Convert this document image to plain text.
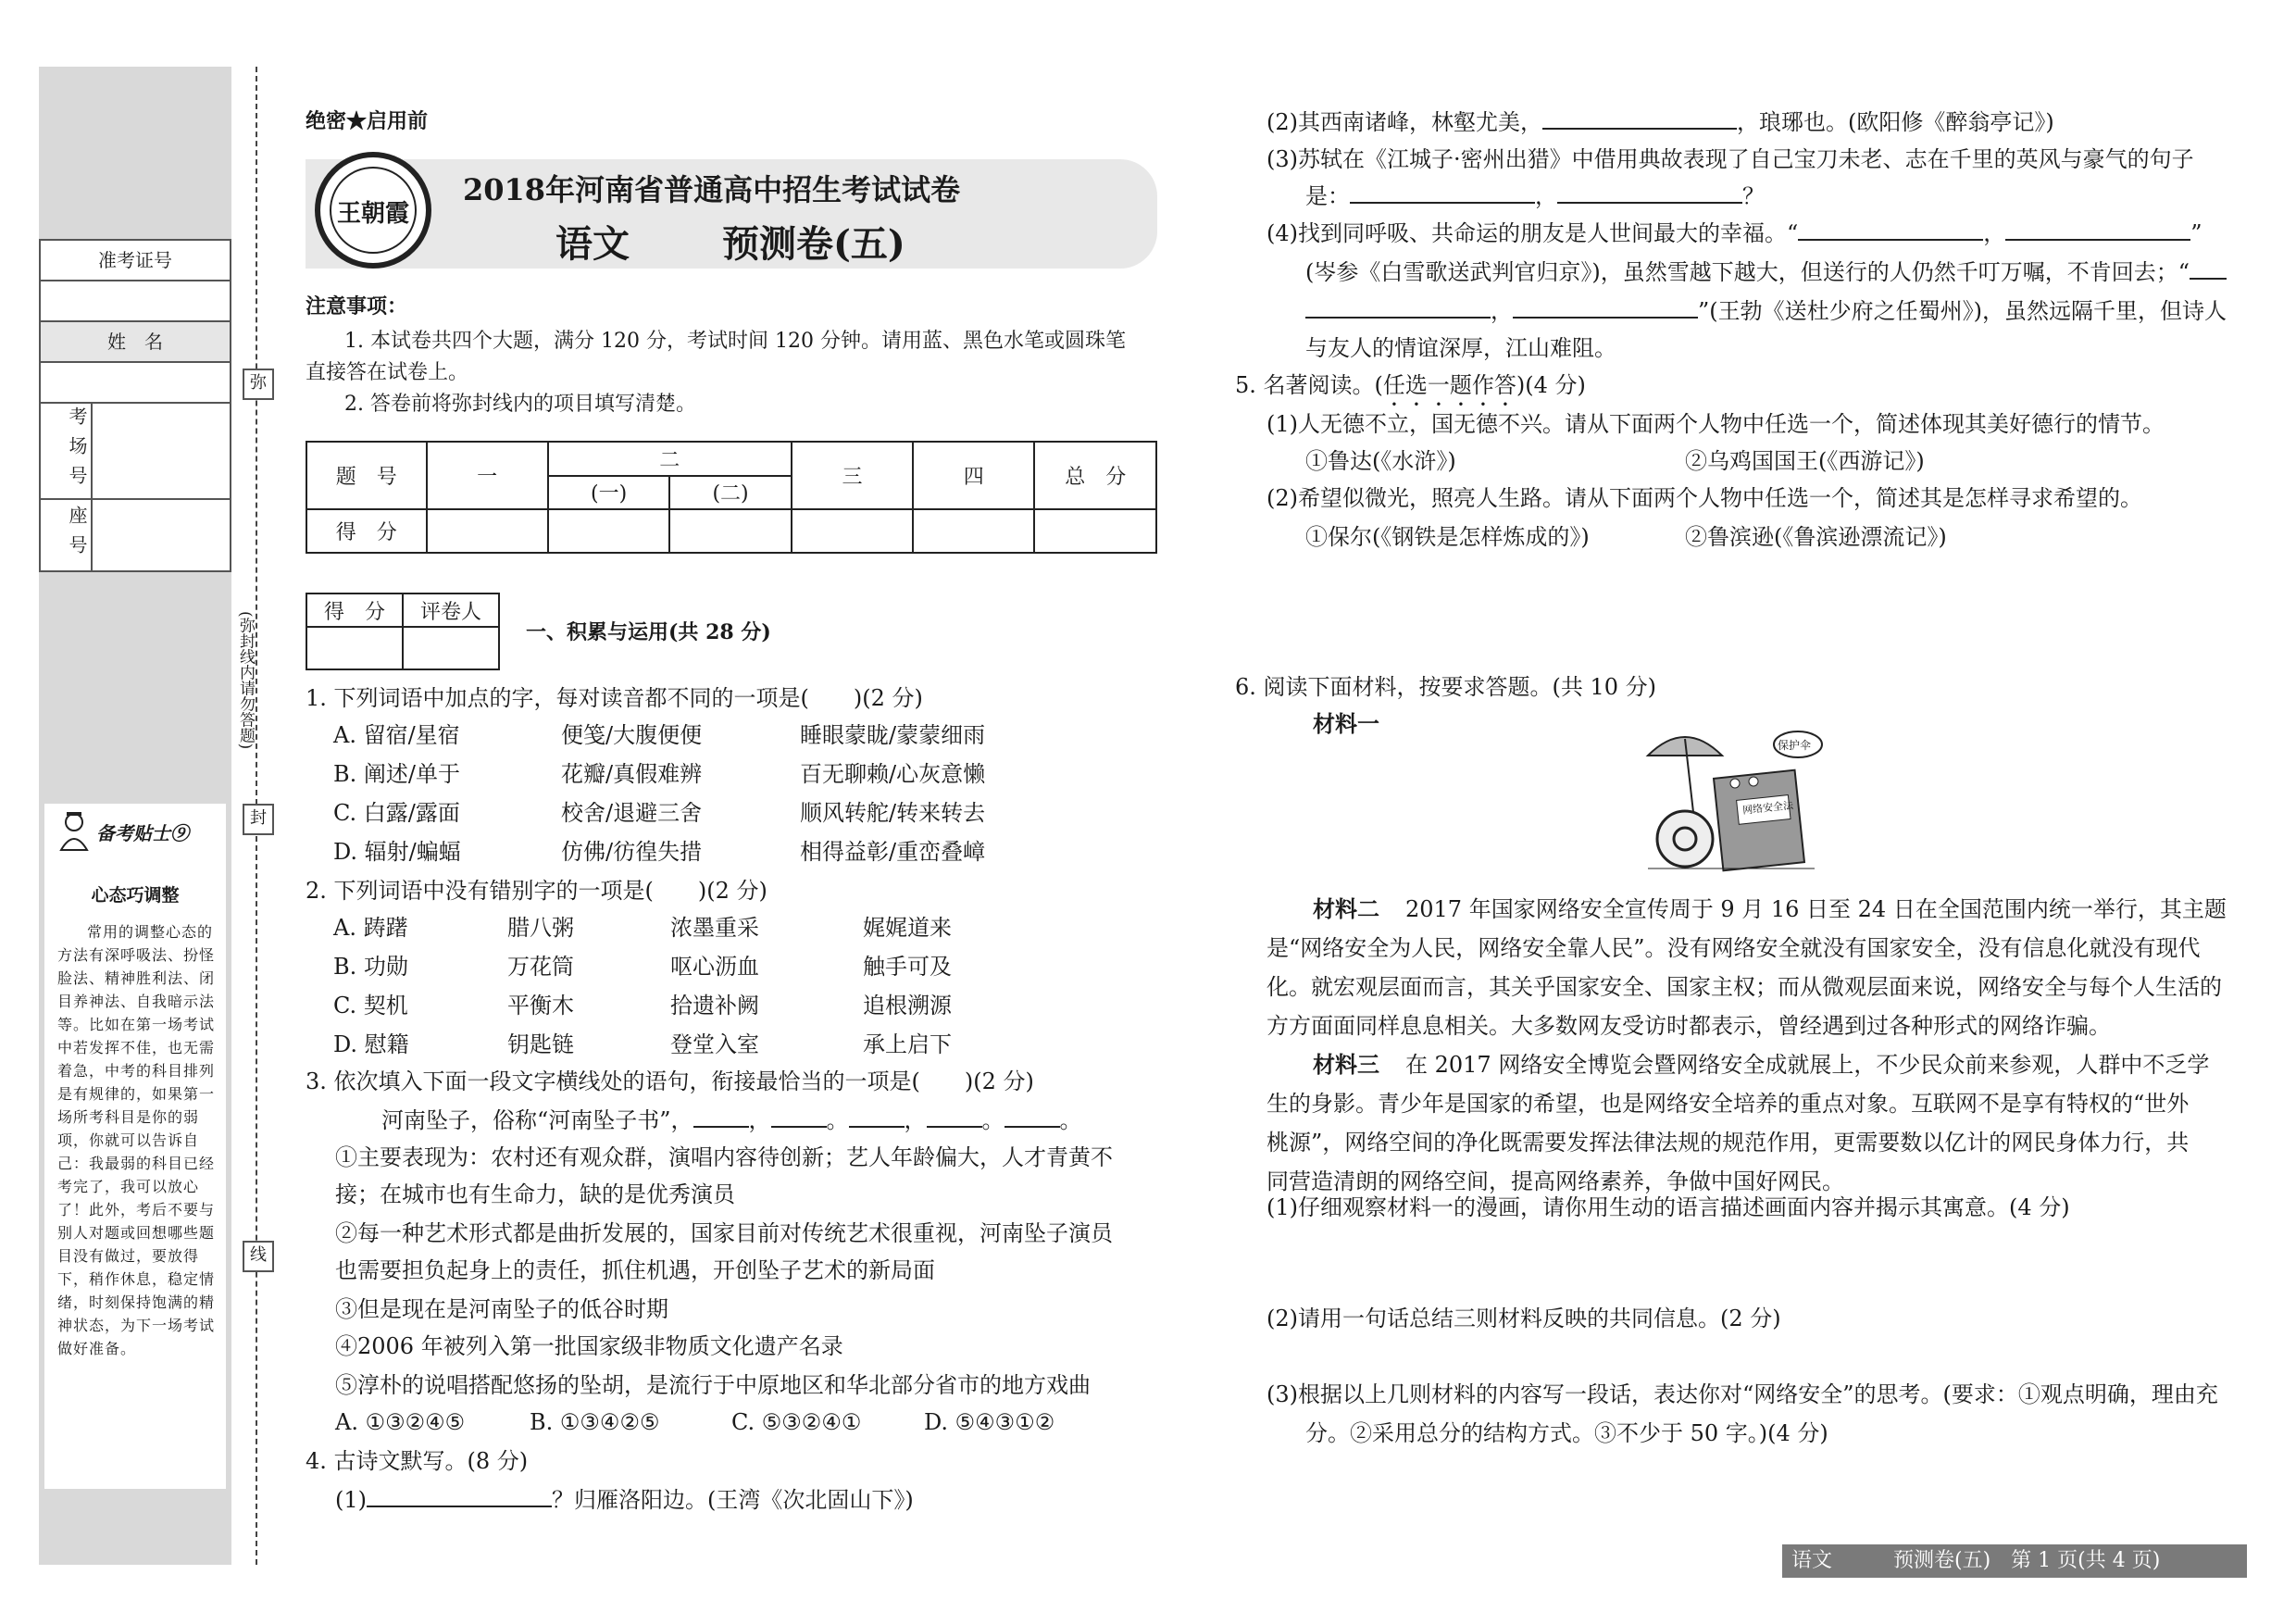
准考证号
姓　名
考场号
座号
备考贴士⑨
心态巧调整
常用的调整心态的方法有深呼吸法、扮怪脸法、精神胜利法、闭目养神法、自我暗示法等。比如在第一场考试中若发挥不佳，也无需着急，中考的科目排列是有规律的，如果第一场所考科目是你的弱项，你就可以告诉自己：我最弱的科目已经考完了，我可以放心了！此外，考后不要与别人对题或回想哪些题目没有做过，要放得下，稍作休息，稳定情绪，时刻保持饱满的精神状态，为下一场考试做好准备。
弥
封
线
(弥封线内请勿答题)
绝密★启用前
王朝霞
2018年河南省普通高中招生考试试卷
语文	预测卷(五)
注意事项：
1. 本试卷共四个大题，满分 120 分，考试时间 120 分钟。请用蓝、黑色水笔或圆珠笔
直接答在试卷上。
2. 答卷前将弥封线内的项目填写清楚。
题　号	一	二		三	四	总　分
		(一)	(二)			
得　分						
得　分	评卷人

一、积累与运用(共 28 分)
1. 下列词语中加点的字，每对读音都不同的一项是(　　)(2 分)
A. 留宿/星宿	便笺/大腹便便	睡眼蒙眬/蒙蒙细雨
B. 阐述/单于	花瓣/真假难辨	百无聊赖/心灰意懒
C. 白露/露面	校舍/退避三舍	顺风转舵/转来转去
D. 辐射/蝙蝠	仿佛/彷徨失措	相得益彰/重峦叠嶂
2. 下列词语中没有错别字的一项是(　　)(2 分)
A. 踌躇	腊八粥	浓墨重采	娓娓道来
B. 功勋	万花筒	呕心沥血	触手可及
C. 契机	平衡木	拾遗补阙	追根溯源
D. 慰籍	钥匙链	登堂入室	承上启下
3. 依次填入下面一段文字横线处的语句，衔接最恰当的一项是(　　)(2 分)
河南坠子，俗称“河南坠子书”，	，	。	，	。	。
①主要表现为：农村还有观众群，演唱内容待创新；艺人年龄偏大，人才青黄不
接；在城市也有生命力，缺的是优秀演员
②每一种艺术形式都是曲折发展的，国家目前对传统艺术很重视，河南坠子演员
也需要担负起身上的责任，抓住机遇，开创坠子艺术的新局面
③但是现在是河南坠子的低谷时期
④2006 年被列入第一批国家级非物质文化遗产名录
⑤淳朴的说唱搭配悠扬的坠胡，是流行于中原地区和华北部分省市的地方戏曲
A. ①③②④⑤	B. ①③④②⑤	C. ⑤③②④①	D. ⑤④③①②
4. 古诗文默写。(8 分)
(1)	？归雁洛阳边。(王湾《次北固山下》)
(2)其西南诸峰，林壑尤美，	，琅琊也。(欧阳修《醉翁亭记》)
(3)苏轼在《江城子·密州出猎》中借用典故表现了自己宝刀未老、志在千里的英风与豪气的句子
是：	，	？
(4)找到同呼吸、共命运的朋友是人世间最大的幸福。“	，	”
(岑参《白雪歌送武判官归京》)，虽然雪越下越大，但送行的人仍然千叮万嘱，不肯回去；“
，	”(王勃《送杜少府之任蜀州》)，虽然远隔千里，但诗人
与友人的情谊深厚，江山难阻。
5. 名著阅读。(任选一题作答)(4 分)
(1)人无德不立，国无德不兴。请从下面两个人物中任选一个，简述体现其美好德行的情节。
①鲁达(《水浒》)	②乌鸡国国王(《西游记》)
(2)希望似微光，照亮人生路。请从下面两个人物中任选一个，简述其是怎样寻求希望的。
①保尔(《钢铁是怎样炼成的》)	②鲁滨逊(《鲁滨逊漂流记》)
6. 阅读下面材料，按要求答题。(共 10 分)
材料一
保护伞
网络安全法
材料二 2017 年国家网络安全宣传周于 9 月 16 日至 24 日在全国范围内统一举行，其主题
是“网络安全为人民，网络安全靠人民”。没有网络安全就没有国家安全，没有信息化就没有现代
化。就宏观层面而言，其关乎国家安全、国家主权；而从微观层面来说，网络安全与每个人生活的
方方面面同样息息相关。大多数网友受访时都表示，曾经遇到过各种形式的网络诈骗。
材料三 在 2017 网络安全博览会暨网络安全成就展上，不少民众前来参观，人群中不乏学
生的身影。青少年是国家的希望，也是网络安全培养的重点对象。互联网不是享有特权的“世外
桃源”，网络空间的净化既需要发挥法律法规的规范作用，更需要数以亿计的网民身体力行，共
同营造清朗的网络空间，提高网络素养，争做中国好网民。
(1)仔细观察材料一的漫画，请你用生动的语言描述画面内容并揭示其寓意。(4 分)
(2)请用一句话总结三则材料反映的共同信息。(2 分)
(3)根据以上几则材料的内容写一段话，表达你对“网络安全”的思考。(要求：①观点明确，理由充
分。②采用总分的结构方式。③不少于 50 字。)(4 分)
语文　　　预测卷(五)　第 1 页(共 4 页)
